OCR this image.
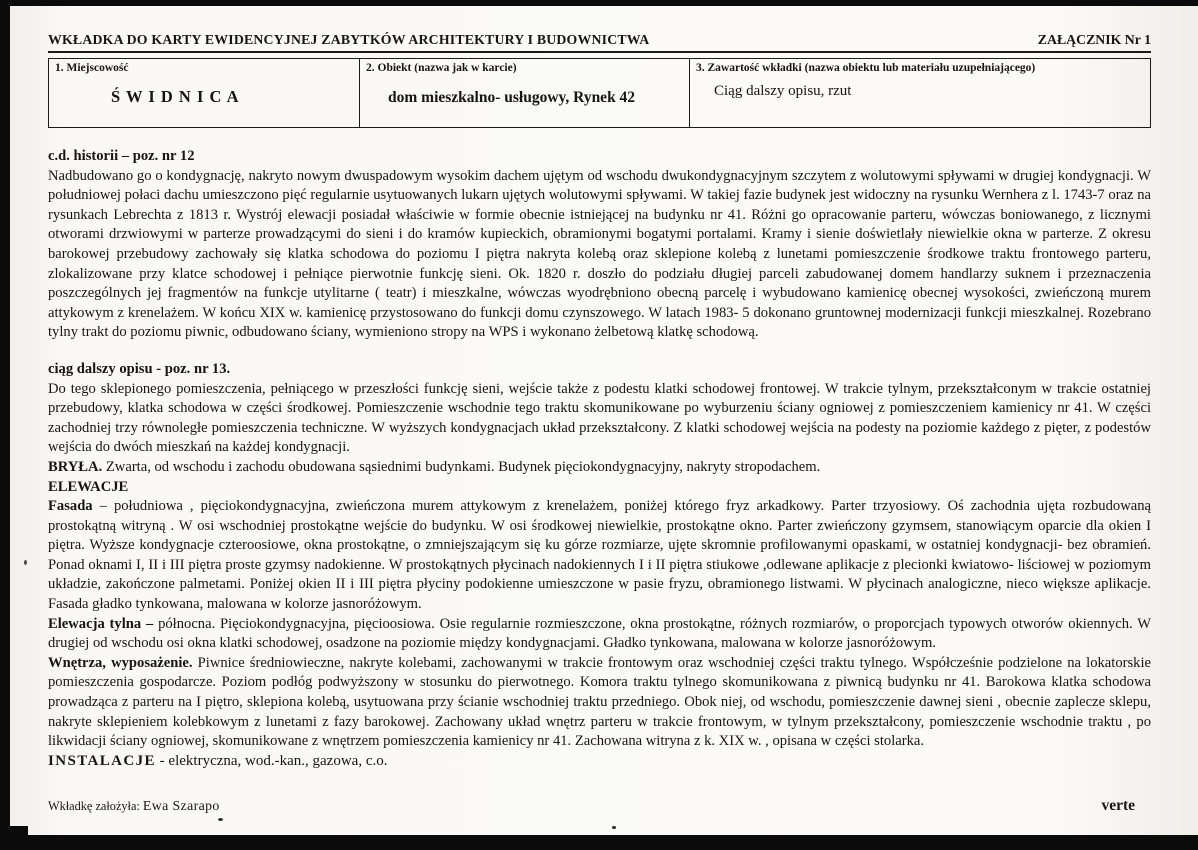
WKŁADKA DO KARTY EWIDENCYJNEJ ZABYTKÓW ARCHITEKTURY I BUDOWNICTWA	ZAŁĄCZNIK Nr 1
1. Miejscowość
Ś W I D N I C A
2. Obiekt (nazwa jak w karcie)
dom mieszkalno- usługowy, Rynek 42
3. Zawartość wkładki (nazwa obiektu lub materiału uzupełniającego)
Ciąg dalszy opisu, rzut

c.d. historii – poz. nr 12

Nadbudowano go o kondygnację, nakryto nowym dwuspadowym wysokim dachem ujętym od wschodu dwukondygnacyjnym szczytem z wolutowymi spływami w drugiej kondygnacji. W południowej połaci dachu umieszczono pięć regularnie usytuowanych lukarn ujętych wolutowymi spływami. W takiej fazie budynek jest widoczny na rysunku Wernhera z l. 1743-7 oraz na rysunkach Lebrechta z 1813 r. Wystrój elewacji posiadał właściwie w formie obecnie istniejącej na budynku nr 41. Różni go opracowanie parteru, wówczas boniowanego, z licznymi otworami drzwiowymi w parterze prowadzącymi do sieni i do kramów kupieckich, obramionymi bogatymi portalami. Kramy i sienie doświetlały niewielkie okna w parterze. Z okresu barokowej przebudowy zachowały się klatka schodowa do poziomu I piętra nakryta kolebą oraz sklepione kolebą z lunetami pomieszczenie środkowe traktu frontowego parteru, zlokalizowane przy klatce schodowej i pełniące pierwotnie funkcję sieni. Ok. 1820 r. doszło do podziału długiej parceli zabudowanej domem handlarzy suknem i przeznaczenia poszczególnych jej fragmentów na funkcje utylitarne ( teatr) i mieszkalne, wówczas wyodrębniono obecną parcelę i wybudowano kamienicę obecnej wysokości, zwieńczoną murem attykowym z krenelażem. W końcu XIX w. kamienicę przystosowano do funkcji domu czynszowego. W latach 1983- 5 dokonano gruntownej modernizacji funkcji mieszkalnej. Rozebrano tylny trakt do poziomu piwnic, odbudowano ściany, wymieniono stropy na WPS i wykonano żelbetową klatkę schodową.

ciąg dalszy opisu - poz. nr 13.

Do tego sklepionego pomieszczenia, pełniącego w przeszłości funkcję sieni, wejście także z podestu klatki schodowej frontowej. W trakcie tylnym, przekształconym w trakcie ostatniej przebudowy, klatka schodowa w części środkowej. Pomieszczenie wschodnie tego traktu skomunikowane po wyburzeniu ściany ogniowej z pomieszczeniem kamienicy nr 41. W części zachodniej trzy równoległe pomieszczenia techniczne. W wyższych kondygnacjach układ przekształcony. Z klatki schodowej wejścia na podesty na poziomie każdego z pięter, z podestów wejścia do dwóch mieszkań na każdej kondygnacji.

BRYŁA. Zwarta, od wschodu i zachodu obudowana sąsiednimi budynkami. Budynek pięciokondygnacyjny, nakryty stropodachem.

ELEWACJE

Fasada – południowa , pięciokondygnacyjna, zwieńczona murem attykowym z krenelażem, poniżej którego fryz arkadkowy. Parter trzyosiowy. Oś zachodnia ujęta rozbudowaną prostokątną witryną . W osi wschodniej prostokątne wejście do budynku. W osi środkowej niewielkie, prostokątne okno. Parter zwieńczony gzymsem, stanowiącym oparcie dla okien I piętra. Wyższe kondygnacje czteroosiowe, okna prostokątne, o zmniejszającym się ku górze rozmiarze, ujęte skromnie profilowanymi opaskami, w ostatniej kondygnacji- bez obramień. Ponad oknami I, II i III piętra proste gzymsy nadokienne. W prostokątnych płycinach nadokiennych I i II piętra stiukowe ,odlewane aplikacje z plecionki kwiatowo- liściowej w poziomym układzie, zakończone palmetami. Poniżej okien II i III piętra płyciny podokienne umieszczone w pasie fryzu, obramionego listwami. W płycinach analogiczne, nieco większe aplikacje. Fasada gładko tynkowana, malowana w kolorze jasnoróżowym.

Elewacja tylna – północna. Pięciokondygnacyjna, pięcioosiowa. Osie regularnie rozmieszczone, okna prostokątne, różnych rozmiarów, o proporcjach typowych otworów okiennych. W drugiej od wschodu osi okna klatki schodowej, osadzone na poziomie między kondygnacjami. Gładko tynkowana, malowana w kolorze jasnoróżowym.

Wnętrza, wyposażenie. Piwnice średniowieczne, nakryte kolebami, zachowanymi w trakcie frontowym oraz wschodniej części traktu tylnego. Współcześnie podzielone na lokatorskie pomieszczenia gospodarcze. Poziom podłóg podwyższony w stosunku do pierwotnego. Komora traktu tylnego skomunikowana z piwnicą budynku nr 41. Barokowa klatka schodowa prowadząca z parteru na I piętro, sklepiona kolebą, usytuowana przy ścianie wschodniej traktu przedniego. Obok niej, od wschodu, pomieszczenie dawnej sieni , obecnie zaplecze sklepu, nakryte sklepieniem kolebkowym z lunetami z fazy barokowej. Zachowany układ wnętrz parteru w trakcie frontowym, w tylnym przekształcony, pomieszczenie wschodnie traktu , po likwidacji ściany ogniowej, skomunikowane z wnętrzem pomieszczenia kamienicy nr 41. Zachowana witryna z k. XIX w. , opisana w części stolarka.

INSTALACJE - elektryczna, wod.-kan., gazowa, c.o.

Wkładkę założyła: Ewa Szarapo	verte
